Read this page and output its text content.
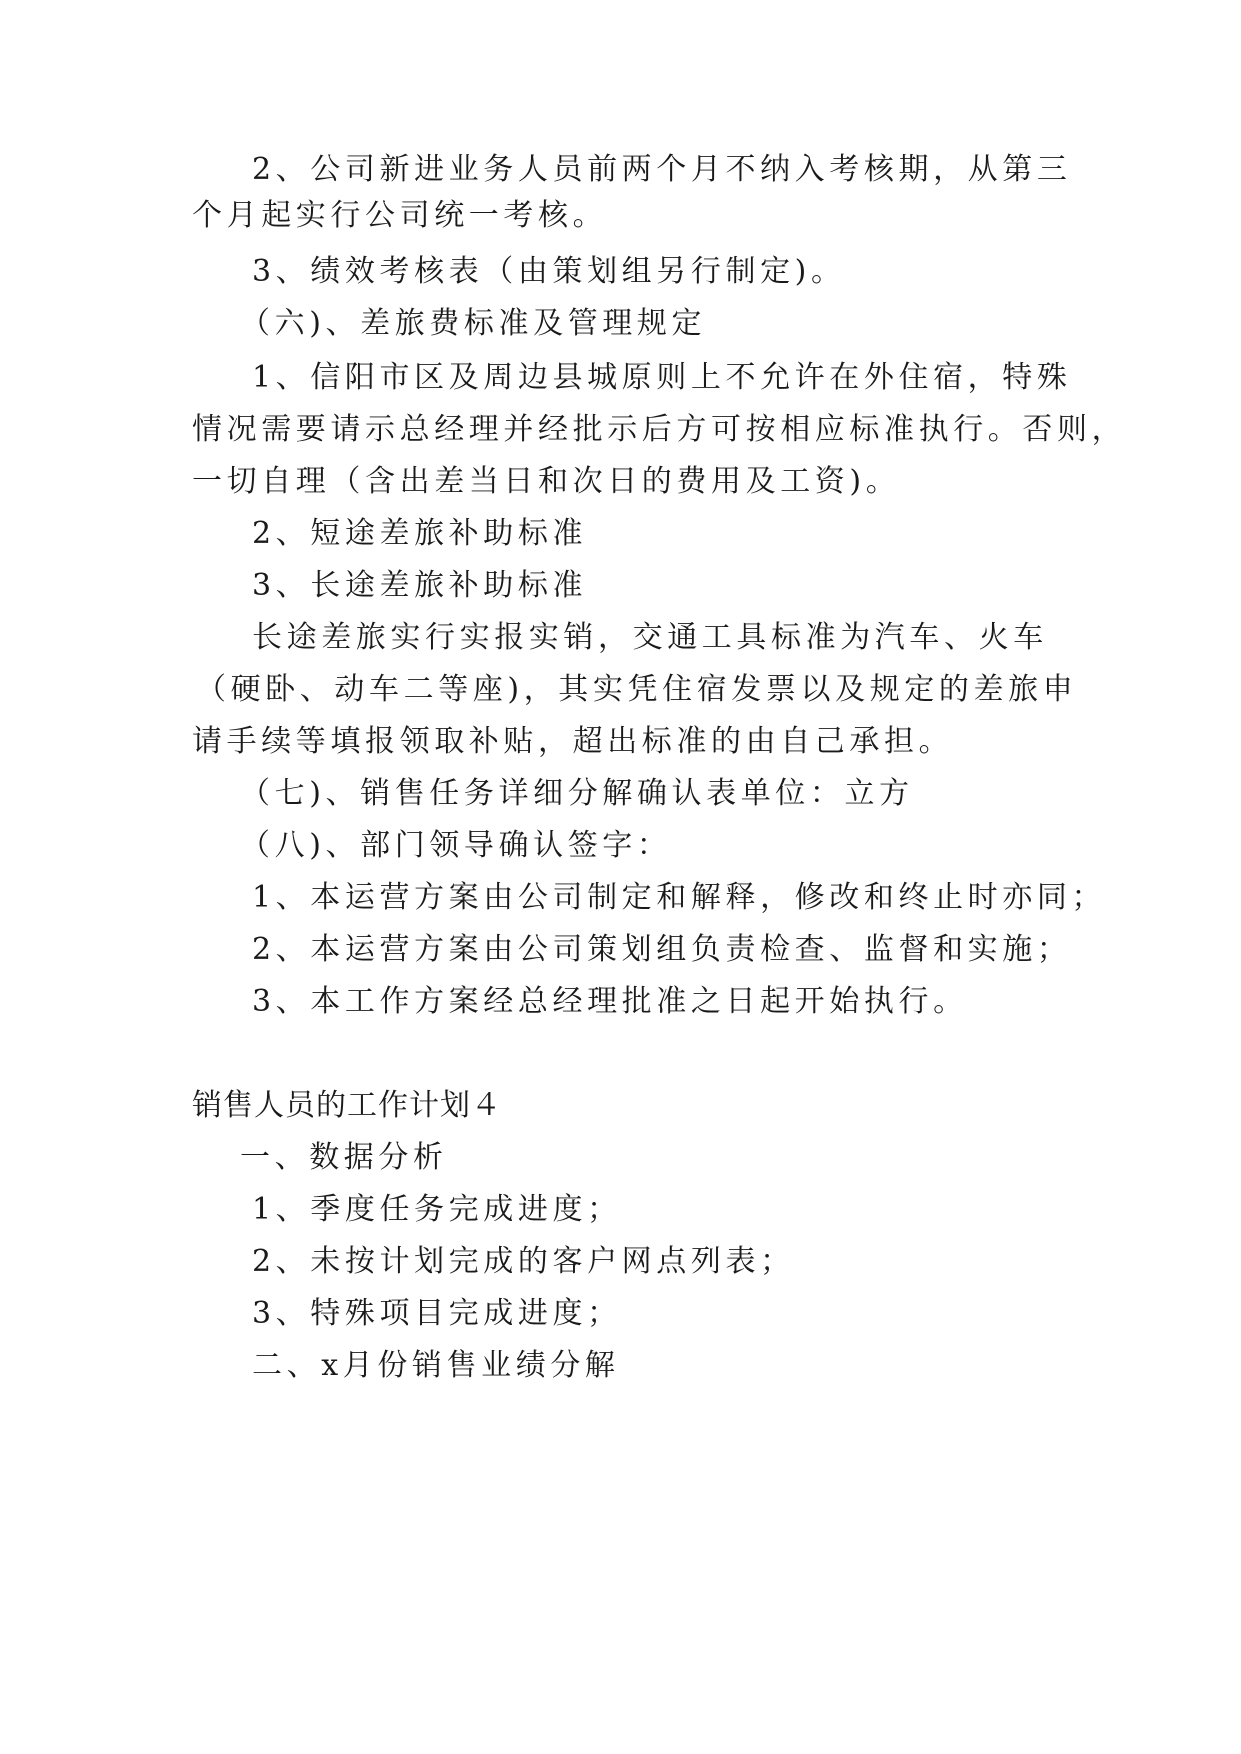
2、公司新进业务人员前两个月不纳入考核期，从第三
个月起实行公司统一考核。
3、绩效考核表（由策划组另行制定)。
（六)、差旅费标准及管理规定
1、信阳市区及周边县城原则上不允许在外住宿，特殊
情况需要请示总经理并经批示后方可按相应标准执行。否则，
一切自理（含出差当日和次日的费用及工资)。
2、短途差旅补助标准
3、长途差旅补助标准
长途差旅实行实报实销，交通工具标准为汽车、火车
（硬卧、动车二等座)，其实凭住宿发票以及规定的差旅申
请手续等填报领取补贴，超出标准的由自己承担。
（七)、销售任务详细分解确认表单位：立方
（八)、部门领导确认签字：
1、本运营方案由公司制定和解释，修改和终止时亦同；
2、本运营方案由公司策划组负责检查、监督和实施；
3、本工作方案经总经理批准之日起开始执行。
销售人员的工作计划４
一、数据分析
1、季度任务完成进度；
2、未按计划完成的客户网点列表；
3、特殊项目完成进度；
二、x月份销售业绩分解
